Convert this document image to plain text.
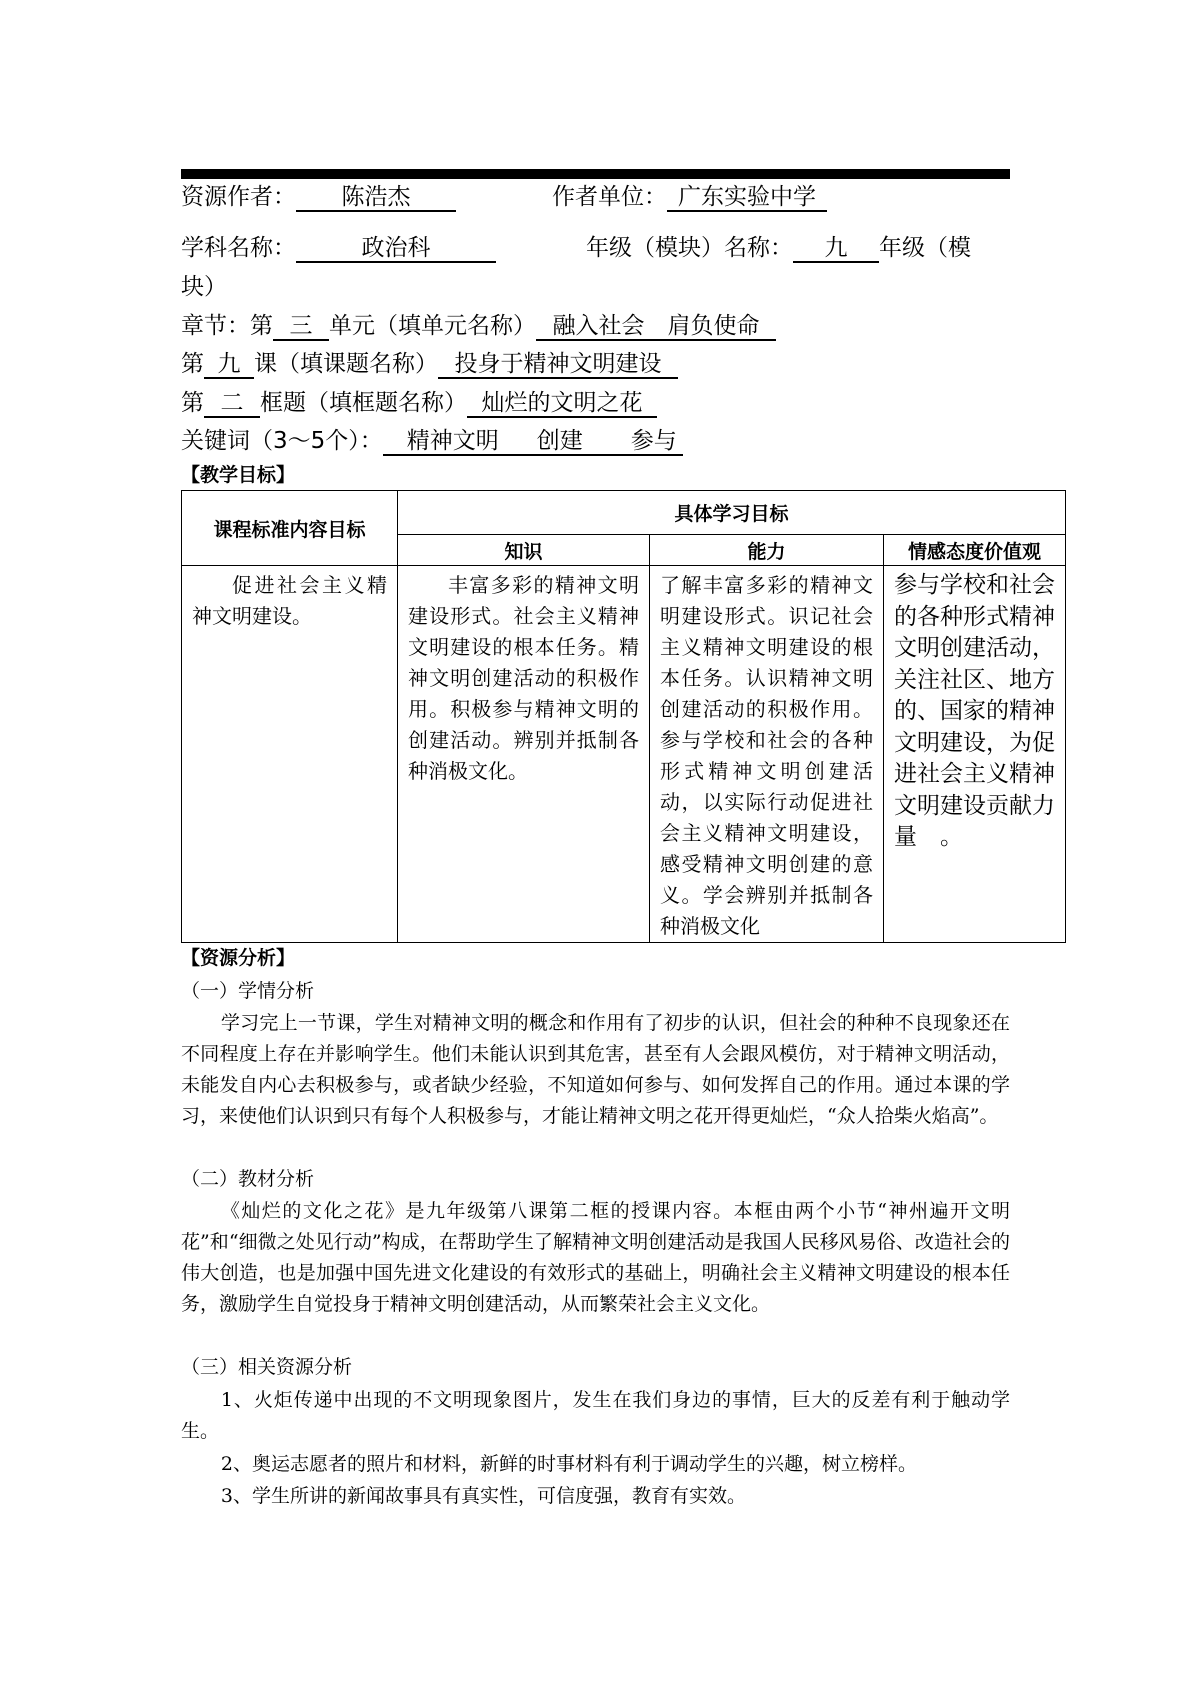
资源作者： 陈浩杰	作者单位： 广东实验中学
学科名称：	政治科	年级（模块）名称： 九 年级（模
块）
章节：第 三 单元（填单元名称） 融入社会　肩负使命
第 九 课（填课题名称） 投身于精神文明建设
第 二 框题（填框题名称） 灿烂的文明之花
关键词（3～5个）： 精神文明 创建 参与
【教学目标】
课程标准内容目标	具体学习目标		
	知识	能力	情感态度价值观

促进社会主义精神文明建设。	丰富多彩的精神文明建设形式。社会主义精神文明建设的根本任务。精神文明创建活动的积极作用。积极参与精神文明的创建活动。辨别并抵制各种消极文化。	了解丰富多彩的精神文明建设形式。识记社会主义精神文明建设的根本任务。认识精神文明创建活动的积极作用。参与学校和社会的各种形式精神文明创建活动，以实际行动促进社会主义精神文明建设，感受精神文明创建的意义。学会辨别并抵制各种消极文化	参与学校和社会的各种形式精神文明创建活动，关注社区、地方的、国家的精神文明建设，为促进社会主义精神文明建设贡献力量　。
【资源分析】
（一）学情分析
学习完上一节课，学生对精神文明的概念和作用有了初步的认识，但社会的种种不良现象还在不同程度上存在并影响学生。他们未能认识到其危害，甚至有人会跟风模仿，对于精神文明活动，未能发自内心去积极参与，或者缺少经验，不知道如何参与、如何发挥自己的作用。通过本课的学习，来使他们认识到只有每个人积极参与，才能让精神文明之花开得更灿烂，“众人拾柴火焰高”。
（二）教材分析
《灿烂的文化之花》是九年级第八课第二框的授课内容。本框由两个小节“神州遍开文明花”和“细微之处见行动”构成，在帮助学生了解精神文明创建活动是我国人民移风易俗、改造社会的伟大创造，也是加强中国先进文化建设的有效形式的基础上，明确社会主义精神文明建设的根本任务，激励学生自觉投身于精神文明创建活动，从而繁荣社会主义文化。
（三）相关资源分析
1、火炬传递中出现的不文明现象图片，发生在我们身边的事情，巨大的反差有利于触动学生。
2、奥运志愿者的照片和材料，新鲜的时事材料有利于调动学生的兴趣，树立榜样。
3、学生所讲的新闻故事具有真实性，可信度强，教育有实效。
